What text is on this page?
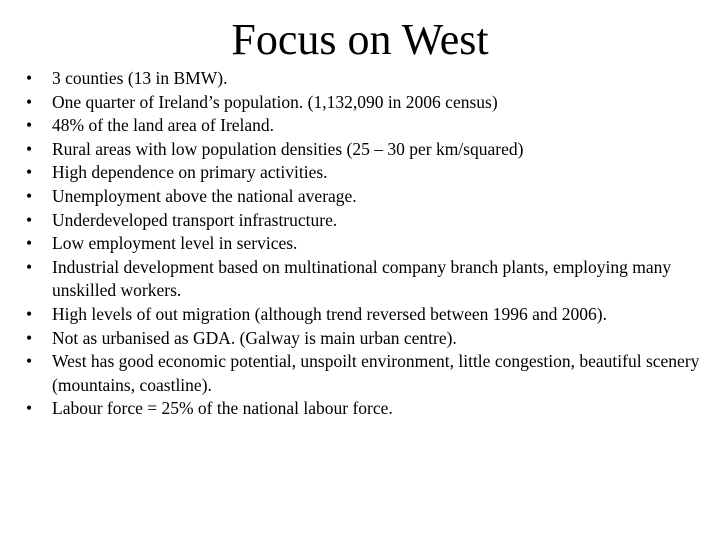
Focus on West
•	3 counties (13 in BMW).
•	One quarter of Ireland’s population. (1,132,090 in 2006 census)
•	48% of the land area of Ireland.
•	Rural areas with low population densities (25 – 30 per km/squared)
•	High dependence on primary activities.
•	Unemployment above the national average.
•	Underdeveloped transport infrastructure.
•	Low employment level in services.
•	Industrial development based on multinational company branch plants, employing many unskilled workers.
•	High levels of out migration (although trend reversed between 1996 and 2006).
•	Not as urbanised as GDA. (Galway is main urban centre).
•	West has good economic potential, unspoilt environment, little congestion, beautiful scenery (mountains, coastline).
•	Labour force = 25% of the national labour force.
